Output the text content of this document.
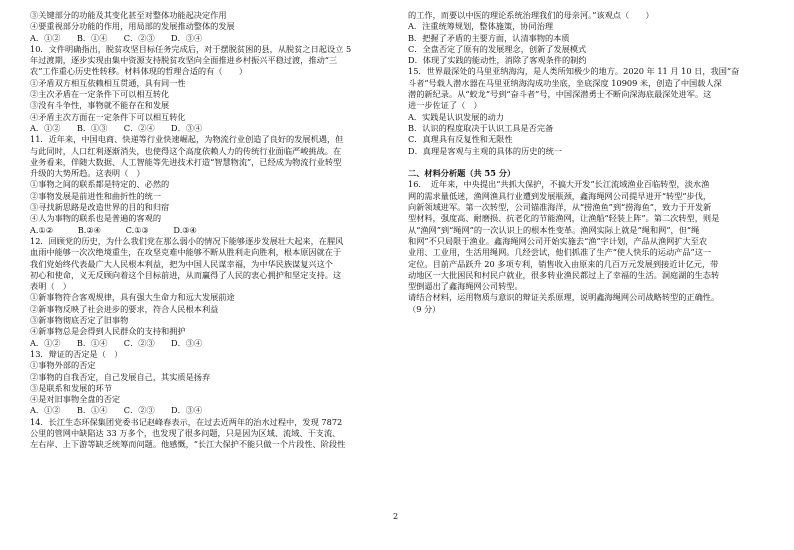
③关键部分的功能及其变化甚至对整体功能起决定作用
④要重视部分功能的作用，用局部的发展推动整体的发展
A．①②　　B．①④　　C．②③　　D．③④
10．文件明确指出，脱贫攻坚目标任务完成后，对于摆脱贫困的县，从脱贫之日起设立 5
年过渡期，逐步实现由集中资源支持脱贫攻坚向全面推进乡村振兴平稳过渡，推动“三
农”工作重心历史性转移。材料体现的哲理合适的有（　　）
①矛盾双方相互依赖相互贯通，具有同一性
②主次矛盾在一定条件下可以相互转化
③没有斗争性，事物就不能存在和发展
④矛盾主次方面在一定条件下可以相互转化
A．①②　　B．①③　　C．②④　　D．③④
11．近年来，中国电商、快递等行业快速崛起，为物流行业创造了良好的发展机遇，但
与此同时，人口红利逐渐消失，也使得这个高度依赖人力的传统行业面临严峻挑战。在
业务看来，伴随大数据、人工智能等先进技术打造“智慧物流”，已经成为物流行业转型
升级的大势所趋。这表明（　）
①事物之间的联系都是特定的、必然的
②事物发展是前进性和曲折性的统一
③寻找新思路是改造世界的目的和归宿
④人为事物的联系也是普遍的客观的
A.①②　　　B.②④　　　C.①③　　　D.③④
12．回顾党的历史，为什么我们党在那么弱小的情况下能够逐步发展壮大起来，在腥风
血雨中能够一次次绝境重生，在攻坚克难中能够不断从胜利走向胜利，根本原因就在于
我们党始终代表最广大人民根本利益，把为中国人民谋幸福，为中华民族谋复兴这个
初心和使命，义无反顾向着这个目标前进，从而赢得了人民的衷心拥护和坚定支持。这
表明（　）
①新事物符合客观规律，具有强大生命力和远大发展前途
②新事物反映了社会进步的要求，符合人民根本利益
③新事物彻底否定了旧事物
④新事物总是会得到人民群众的支持和拥护
A．①②　　B．①④　　C．②③　　D．③④
13．辩证的否定是（　）
①事物外部的否定
②事物的自我否定，自己发展自己，其实质是扬弃
③是联系和发展的环节
④是对旧事物全盘的否定
A．①②　　B．①④　　C．②③　　D．③④
14．长江生态环保集团党委书记赵峰春表示，在过去近两年的治水过程中，发现 7872
公里的管网中缺陷达 33 万多个，也发现了很多问题，只是因为区域、流域、干支流、
左右岸、上下游等缺乏统筹而问题。他感慨，“长江大保护不能只做一个片段性、阶段性
的工作，而要以中医的理论系统治理我们的母亲河。”该观点（　　）
A．注重统筹规划，整体施策，协同治理
B．把握了矛盾的主要方面，认清事物的本质
C．全盘否定了原有的发展理念，创新了发展模式
D．体现了实践的能动性，消除了客观条件的制约
15．世界最深处的马里亚纳海沟，是人类所知极少的地方。2020 年 11 月 10 日，我国“奋
斗者”号载人潜水器在马里亚纳海沟成功坐底，坐底深度 10909 米，创造了中国载人深
潜的新纪录。从“蛟龙”号到“奋斗者”号，中国深潜勇士不断向深海底最深处进军。这
进一步佐证了（　）
A．实践是认识发展的动力
B．认识的程度取决于认识工具是否完备
C．真理具有反复性和无限性
D．真理是客观与主观的具体的历史的统一

二、材料分析题（共 55 分）
16．　近年来，中央提出“共抓大保护，不搞大开发”长江流域渔业百临转型，淡水渔
网的需求量低迷，渔网渔具行业遭到发展瓶颈，鑫海绳网公司提早进开“转型”步伐，
向新领域进军。第一次转型，公司锚准海洋，从“捞渔鱼”到“捞海鱼”，致力于开发新
型材料，强度高、耐磨损、抗老化的节能渔网，让渔船“轻装上阵”。第二次转型，则是
从“渔网”到“绳网”的一次认识上的根本性变革。渔网实际上就是“绳和网”，但“绳
和网”不只局限于渔业。鑫海绳网公司开始实施去“渔”字计划，产品从渔网扩大至农
业用、工业用，生活用绳网。几经尝试，他们抓准了生产“使人快乐的运动产品”这一
定位。目前产品跃升 20 多项专利，销售收入由原来的几百万元发展到接近计亿元，带
动地区一大批困民和村民户就业，很多转业渔民都过上了幸福的生活。洞庭湖的生态转
型倒逼出了鑫海绳网公司转型。
请结合材料，运用物质与意识的辩证关系原理，说明鑫海绳网公司战略转型的正确性。
（9 分）
2
